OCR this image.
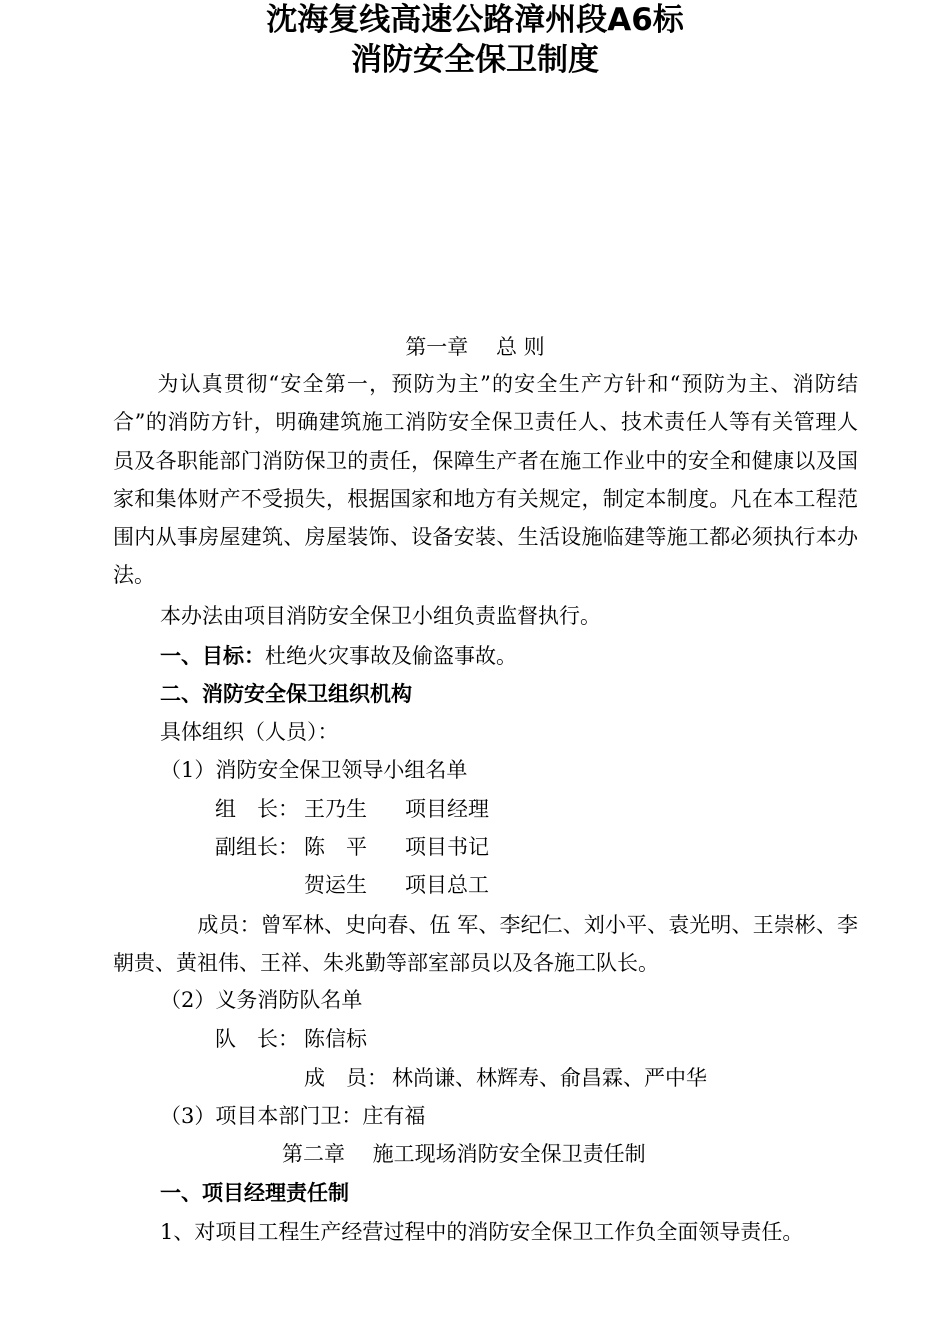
沈海复线高速公路漳州段A6标
消防安全保卫制度
第一章　 总 则
　　为认真贯彻“安全第一，预防为主”的安全生产方针和“预防为主、消防结合”的消防方针，明确建筑施工消防安全保卫责任人、技术责任人等有关管理人员及各职能部门消防保卫的责任，保障生产者在施工作业中的安全和健康以及国家和集体财产不受损失，根据国家和地方有关规定，制定本制度。凡在本工程范围内从事房屋建筑、房屋装饰、设备安装、生活设施临建等施工都必须执行本办法。
本办法由项目消防安全保卫小组负责监督执行。
一、目标：杜绝火灾事故及偷盗事故。
二、消防安全保卫组织机构
具体组织（人员）：
（1）消防安全保卫领导小组名单
组　长： 王乃生 项目经理
副组长： 陈　平 项目书记
贺运生 项目总工
　　　　成员：曾军林、史向春、伍 军、李纪仁、刘小平、袁光明、王崇彬、李朝贵、黄祖伟、王祥、朱兆勤等部室部员以及各施工队长。
（2）义务消防队名单
队　长： 陈信标
成　员： 林尚谦、林辉寿、俞昌霖、严中华
（3）项目本部门卫：庄有福
第二章　 施工现场消防安全保卫责任制
一、项目经理责任制
1、对项目工程生产经营过程中的消防安全保卫工作负全面领导责任。
